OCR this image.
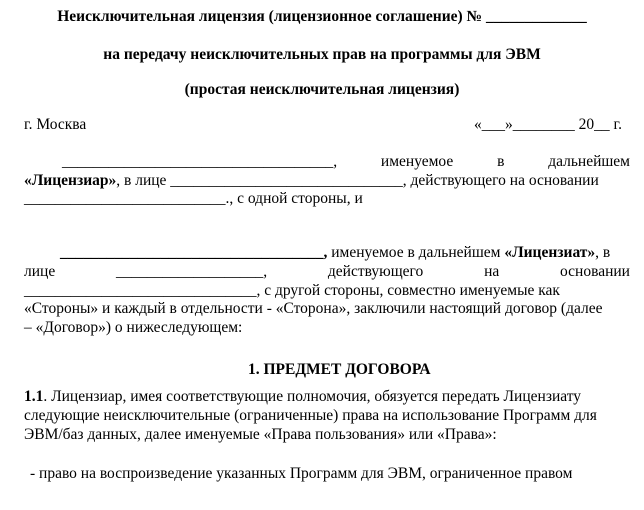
Неисключительная лицензия (лицензионное соглашение) № _____________
на передачу неисключительных прав на программы для ЭВМ
(простая неисключительная лицензия)
г. Москва	«___»________ 20__ г.
___________________________________,	именуемое	в	дальнейшем
«Лицензиар», в лице ______________________________, действующего на основании
__________________________., с одной стороны, и
__________________________________, именуемое в дальнейшем «Лицензиат», в
лице	___________________,	действующего	на	основании
______________________________, с другой стороны, совместно именуемые как
«Стороны» и каждый в отдельности - «Сторона», заключили настоящий договор (далее
– «Договор») о нижеследующем:
1. ПРЕДМЕТ ДОГОВОРА
1.1. Лицензиар, имея соответствующие полномочия, обязуется передать Лицензиату
следующие неисключительные (ограниченные) права на использование Программ для
ЭВМ/баз данных, далее именуемые «Права пользования» или «Права»:
- право на воспроизведение указанных Программ для ЭВМ, ограниченное правом
